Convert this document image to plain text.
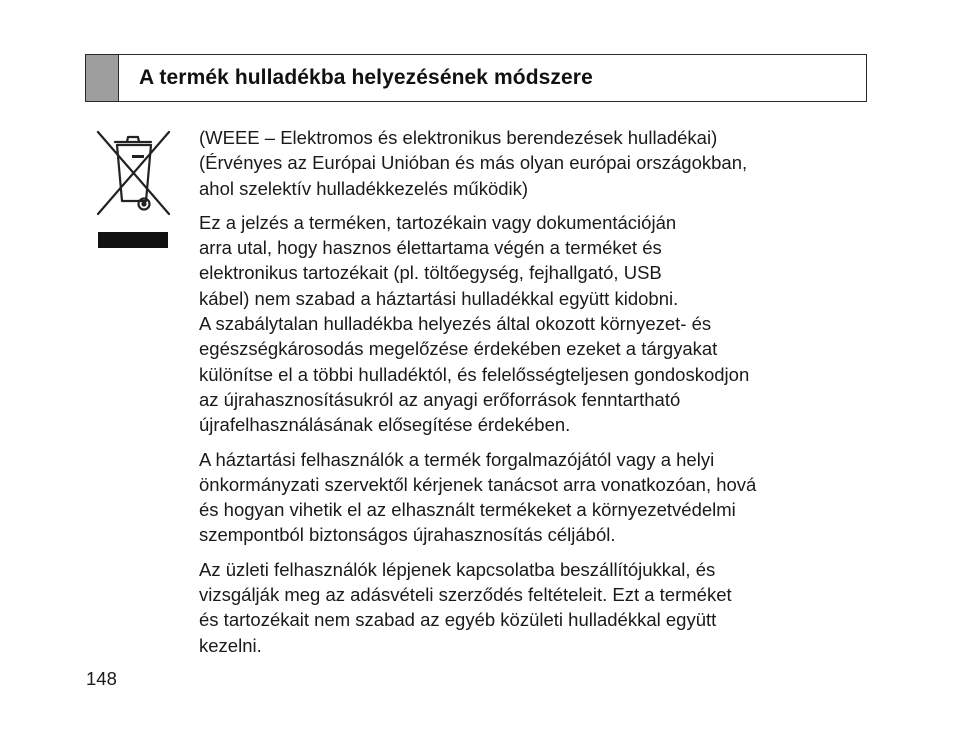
A termék hulladékba helyezésének módszere

(WEEE – Elektromos és elektronikus berendezések hulladékai)
(Érvényes az Európai Unióban és más olyan európai országokban,
ahol szelektív hulladékkezelés működik)

Ez a jelzés a terméken, tartozékain vagy dokumentációján
arra utal, hogy hasznos élettartama végén a terméket és
elektronikus tartozékait (pl. töltőegység, fejhallgató, USB
kábel) nem szabad a háztartási hulladékkal együtt kidobni.
A szabálytalan hulladékba helyezés által okozott környezet- és
egészségkárosodás megelőzése érdekében ezeket a tárgyakat
különítse el a többi hulladéktól, és felelősségteljesen gondoskodjon
az újrahasznosításukról az anyagi erőforrások fenntartható
újrafelhasználásának elősegítése érdekében.

A háztartási felhasználók a termék forgalmazójától vagy a helyi
önkormányzati szervektől kérjenek tanácsot arra vonatkozóan, hová
és hogyan vihetik el az elhasznált termékeket a környezetvédelmi
szempontból biztonságos újrahasznosítás céljából.

Az üzleti felhasználók lépjenek kapcsolatba beszállítójukkal, és
vizsgálják meg az adásvételi szerződés feltételeit. Ezt a terméket
és tartozékait nem szabad az egyéb közületi hulladékkal együtt
kezelni.

148
